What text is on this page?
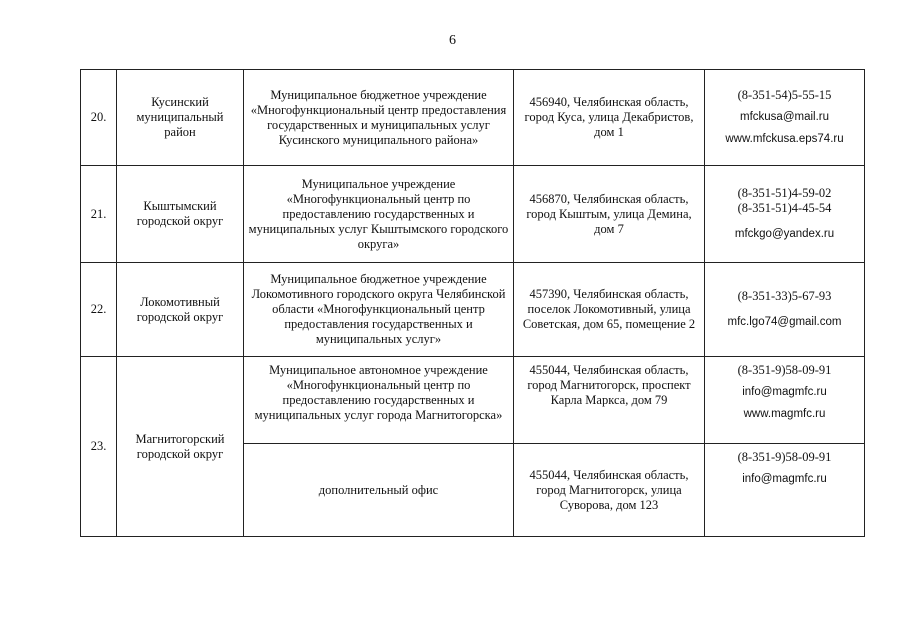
6
20.	Кусинский муниципальный район	Муниципальное бюджетное учреждение «Многофункциональный центр предоставления государственных и муниципальных услуг Кусинского муниципального района»	456940, Челябинская область, город Куса, улица Декабристов, дом 1	(8-351-54)5-55-15
mfckusa@mail.ru
www.mfckusa.eps74.ru

21.	Кыштымский городской округ	Муниципальное учреждение «Многофункциональный центр по предоставлению государственных и муниципальных услуг Кыштымского городского округа»	456870, Челябинская область, город Кыштым, улица Демина, дом 7	(8-351-51)4-59-02
(8-351-51)4-45-54
mfckgo@yandex.ru

22.	Локомотивный городской округ	Муниципальное бюджетное учреждение Локомотивного городского округа Челябинской области «Многофункциональный центр предоставления государственных и муниципальных услуг»	457390, Челябинская область, поселок Локомотивный, улица Советская, дом 65, помещение 2	(8-351-33)5-67-93
mfc.lgo74@gmail.com

23.	Магнитогорский городской округ	Муниципальное автономное учреждение «Многофункциональный центр по предоставлению государственных и муниципальных услуг города Магнитогорска»	455044, Челябинская область, город Магнитогорск, проспект Карла Маркса, дом 79	(8-351-9)58-09-91
info@magmfc.ru
www.magmfc.ru

		дополнительный офис	455044, Челябинская область, город Магнитогорск, улица Суворова, дом 123	(8-351-9)58-09-91
info@magmfc.ru
